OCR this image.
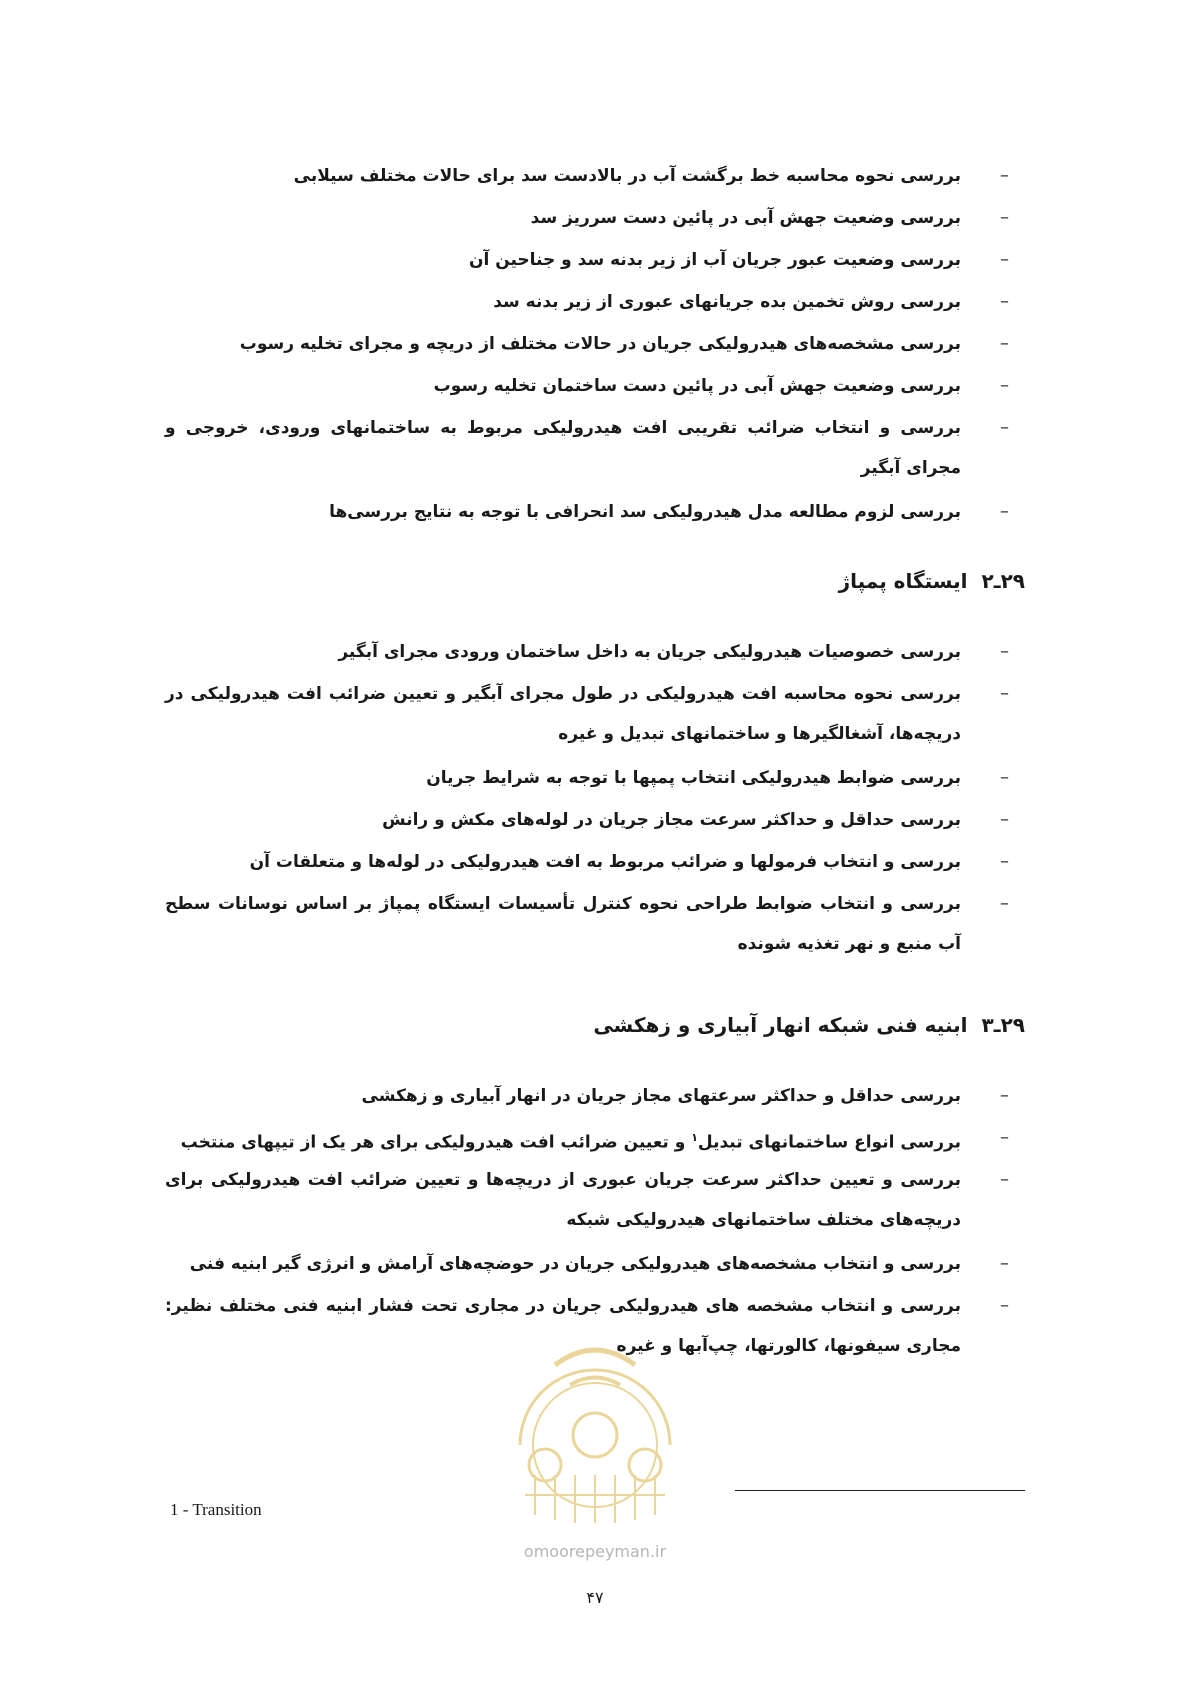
–
بررسی نحوه محاسبه خط برگشت آب در بالادست سد برای حالات مختلف سیلابی
–
بررسی وضعیت جهش آبی در پائین دست سرریز سد
–
بررسی وضعیت عبور جریان آب از زیر بدنه سد و جناحین آن
–
بررسی روش تخمین بده جریانهای عبوری از زیر بدنه سد
–
بررسی مشخصه‌های هیدرولیکی جریان در حالات مختلف از دریچه و مجرای تخلیه رسوب
–
بررسی وضعیت جهش آبی در پائین دست ساختمان تخلیه رسوب
–
بررسی و انتخاب ضرائب تقریبی افت هیدرولیکی مربوط به ساختمانهای ورودی، خروجی و مجرای آبگیر
–
بررسی لزوم مطالعه مدل هیدرولیکی سد انحرافی با توجه به نتایج بررسی‌ها
۲۹ـ۲ایستگاه پمپاژ
–
بررسی خصوصیات هیدرولیکی جریان به داخل ساختمان ورودی مجرای آبگیر
–
بررسی نحوه محاسبه افت هیدرولیکی در طول مجرای آبگیر و تعیین ضرائب افت هیدرولیکی در دریچه‌ها، آشغالگیرها و ساختمانهای تبدیل و غیره
–
بررسی ضوابط هیدرولیکی انتخاب پمپها با توجه به شرایط جریان
–
بررسی حداقل و حداکثر سرعت مجاز جریان در لوله‌های مکش و رانش
–
بررسی و انتخاب فرمولها و ضرائب مربوط به افت هیدرولیکی در لوله‌ها و متعلقات آن
–
بررسی و انتخاب ضوابط طراحی نحوه کنترل تأسیسات ایستگاه پمپاژ بر اساس نوسانات سطح آب منبع و نهر تغذیه شونده
۲۹ـ۳ابنیه فنی شبکه انهار آبیاری و زهکشی
–
بررسی حداقل و حداکثر سرعتهای مجاز جریان در انهار آبیاری و زهکشی
–
بررسی انواع ساختمانهای تبدیل$^۱$ و تعیین ضرائب افت هیدرولیکی برای هر یک از تیپهای منتخب
–
بررسی و تعیین حداکثر سرعت جریان عبوری از دریچه‌ها و تعیین ضرائب افت هیدرولیکی برای دریچه‌های مختلف ساختمانهای هیدرولیکی شبکه
–
بررسی و انتخاب مشخصه‌های هیدرولیکی جریان در حوضچه‌های آرامش و انرژی گیر ابنیه فنی
–
بررسی و انتخاب مشخصه های هیدرولیکی جریان در مجاری تحت فشار ابنیه فنی مختلف نظیر: مجاری سیفونها، کالورتها، چپ‌آبها و غیره
1 - Transition
omoorepeyman.ir
۴۷
